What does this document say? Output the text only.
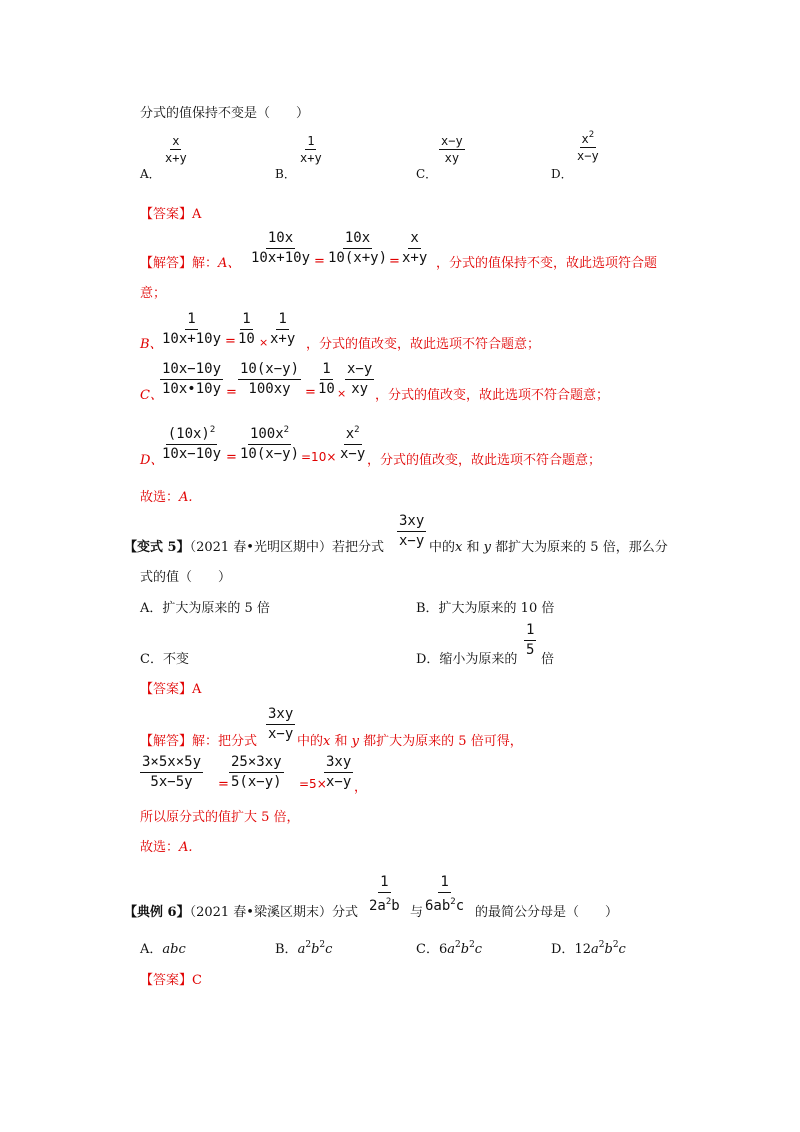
分式的值保持不变是（　　）
A．
$\frac{x}{x+y}$
B．
$\frac{1}{x+y}$
C．
$\frac{x-y}{xy}$
D．
$\frac{x^2}{x-y}$
【答案】A
【解答】解：A、 $\frac{10x}{10x+10y} = \frac{10x}{10(x+y)} = \frac{x}{x+y}$ ，分式的值保持不变，故此选项符合题
意；
B、
$\frac{1}{10x+10y} = \frac{1}{10} \times \frac{1}{x+y}$ ，分式的值改变，故此选项不符合题意；
C、
$\frac{10x-10y}{10x•10y} = \frac{10(x-y)}{100xy} = \frac{1}{10}$ ×
$\frac{x-y}{xy}$ ，分式的值改变，故此选项不符合题意；
D、
$\frac{(10x)^2}{10x-10y} = \frac{100x^2}{10(x-y)} =10\times \frac{x^2}{x-y}$ ，分式的值改变，故此选项不符合题意；
故选：A.
【变式 5】（2021 春•光明区期中）若把分式 $\frac{3xy}{x-y}$ 中的x 和 y 都扩大为原来的 5 倍，那么分
式的值（　　）
A．扩大为原来的 5 倍	B．扩大为原来的 10 倍
C．不变	D．缩小为原来的
$\frac{1}{5}$
倍
【答案】A
【解答】解：把分式 $\frac{3xy}{x-y}$ 中的x 和 y 都扩大为原来的 5 倍可得，
$\frac{3\times 5x\times 5y}{5x-5y} = \frac{25\times 3xy}{5(x-y)} =5\times$
$\frac{3xy}{x-y}$ ，
所以原分式的值扩大 5 倍，
故选：A.
【典例 6】（2021 春•梁溪区期末）分式 $\frac{1}{2a^2b}$ 与 $\frac{1}{6ab^2c}$ 的最简公分母是（　　）
A．abc	B．$a^2b^2c$	C．$6a^2b^2c$	D．$12a^2b^2c$
【答案】C
